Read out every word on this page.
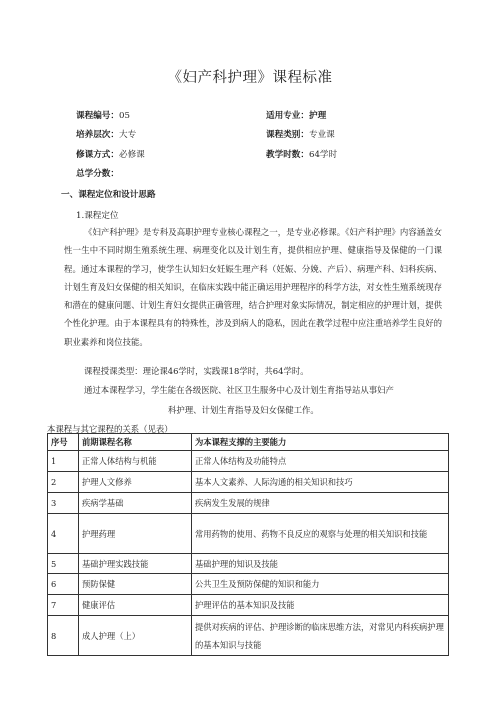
《妇产科护理》课程标准
课程编号：05	适用专业：护理
培养层次：大专	课程类别：专业课
修课方式：必修课	教学时数：64学时
总学分数：
一、课程定位和设计思路
1.课程定位
《妇产科护理》是专科及高职护理专业核心课程之一，是专业必修课。《妇产科护理》内容涵盖女性一生中不同时期生殖系统生理、病理变化以及计划生育，提供相应护理、健康指导及保健的一门课程。通过本课程的学习，使学生认知妇女妊娠生理产科（妊娠、分娩、产后）、病理产科、妇科疾病、计划生育及妇女保健的相关知识，在临床实践中能正确运用护理程序的科学方法，对女性生殖系统现存和潜在的健康问题、计划生育妇女提供正确管理，结合护理对象实际情况，制定相应的护理计划，提供个性化护理。由于本课程具有的特殊性，涉及到病人的隐私，因此在教学过程中应注重培养学生良好的职业素养和岗位技能。
课程授课类型：理论课46学时，实践课18学时，共64学时。
通过本课程学习，学生能在各级医院、社区卫生服务中心及计划生育指导站从事妇产
科护理、计划生育指导及妇女保健工作。
本课程与其它课程的关系（见表）
序号	前期课程名称	为本课程支撑的主要能力
1	正常人体结构与机能	正常人体结构及功能特点
2	护理人文修养	基本人文素养、人际沟通的相关知识和技巧
3	疾病学基础	疾病发生发展的规律
4	护理药理	常用药物的使用、药物不良反应的观察与处理的相关知识和技能
5	基础护理实践技能	基础护理的知识及技能
6	预防保健	公共卫生及预防保健的知识和能力
7	健康评估	护理评估的基本知识及技能
8	成人护理（上）	提供对疾病的评估、护理诊断的临床思维方法，对常见内科疾病护理的基本知识与技能
